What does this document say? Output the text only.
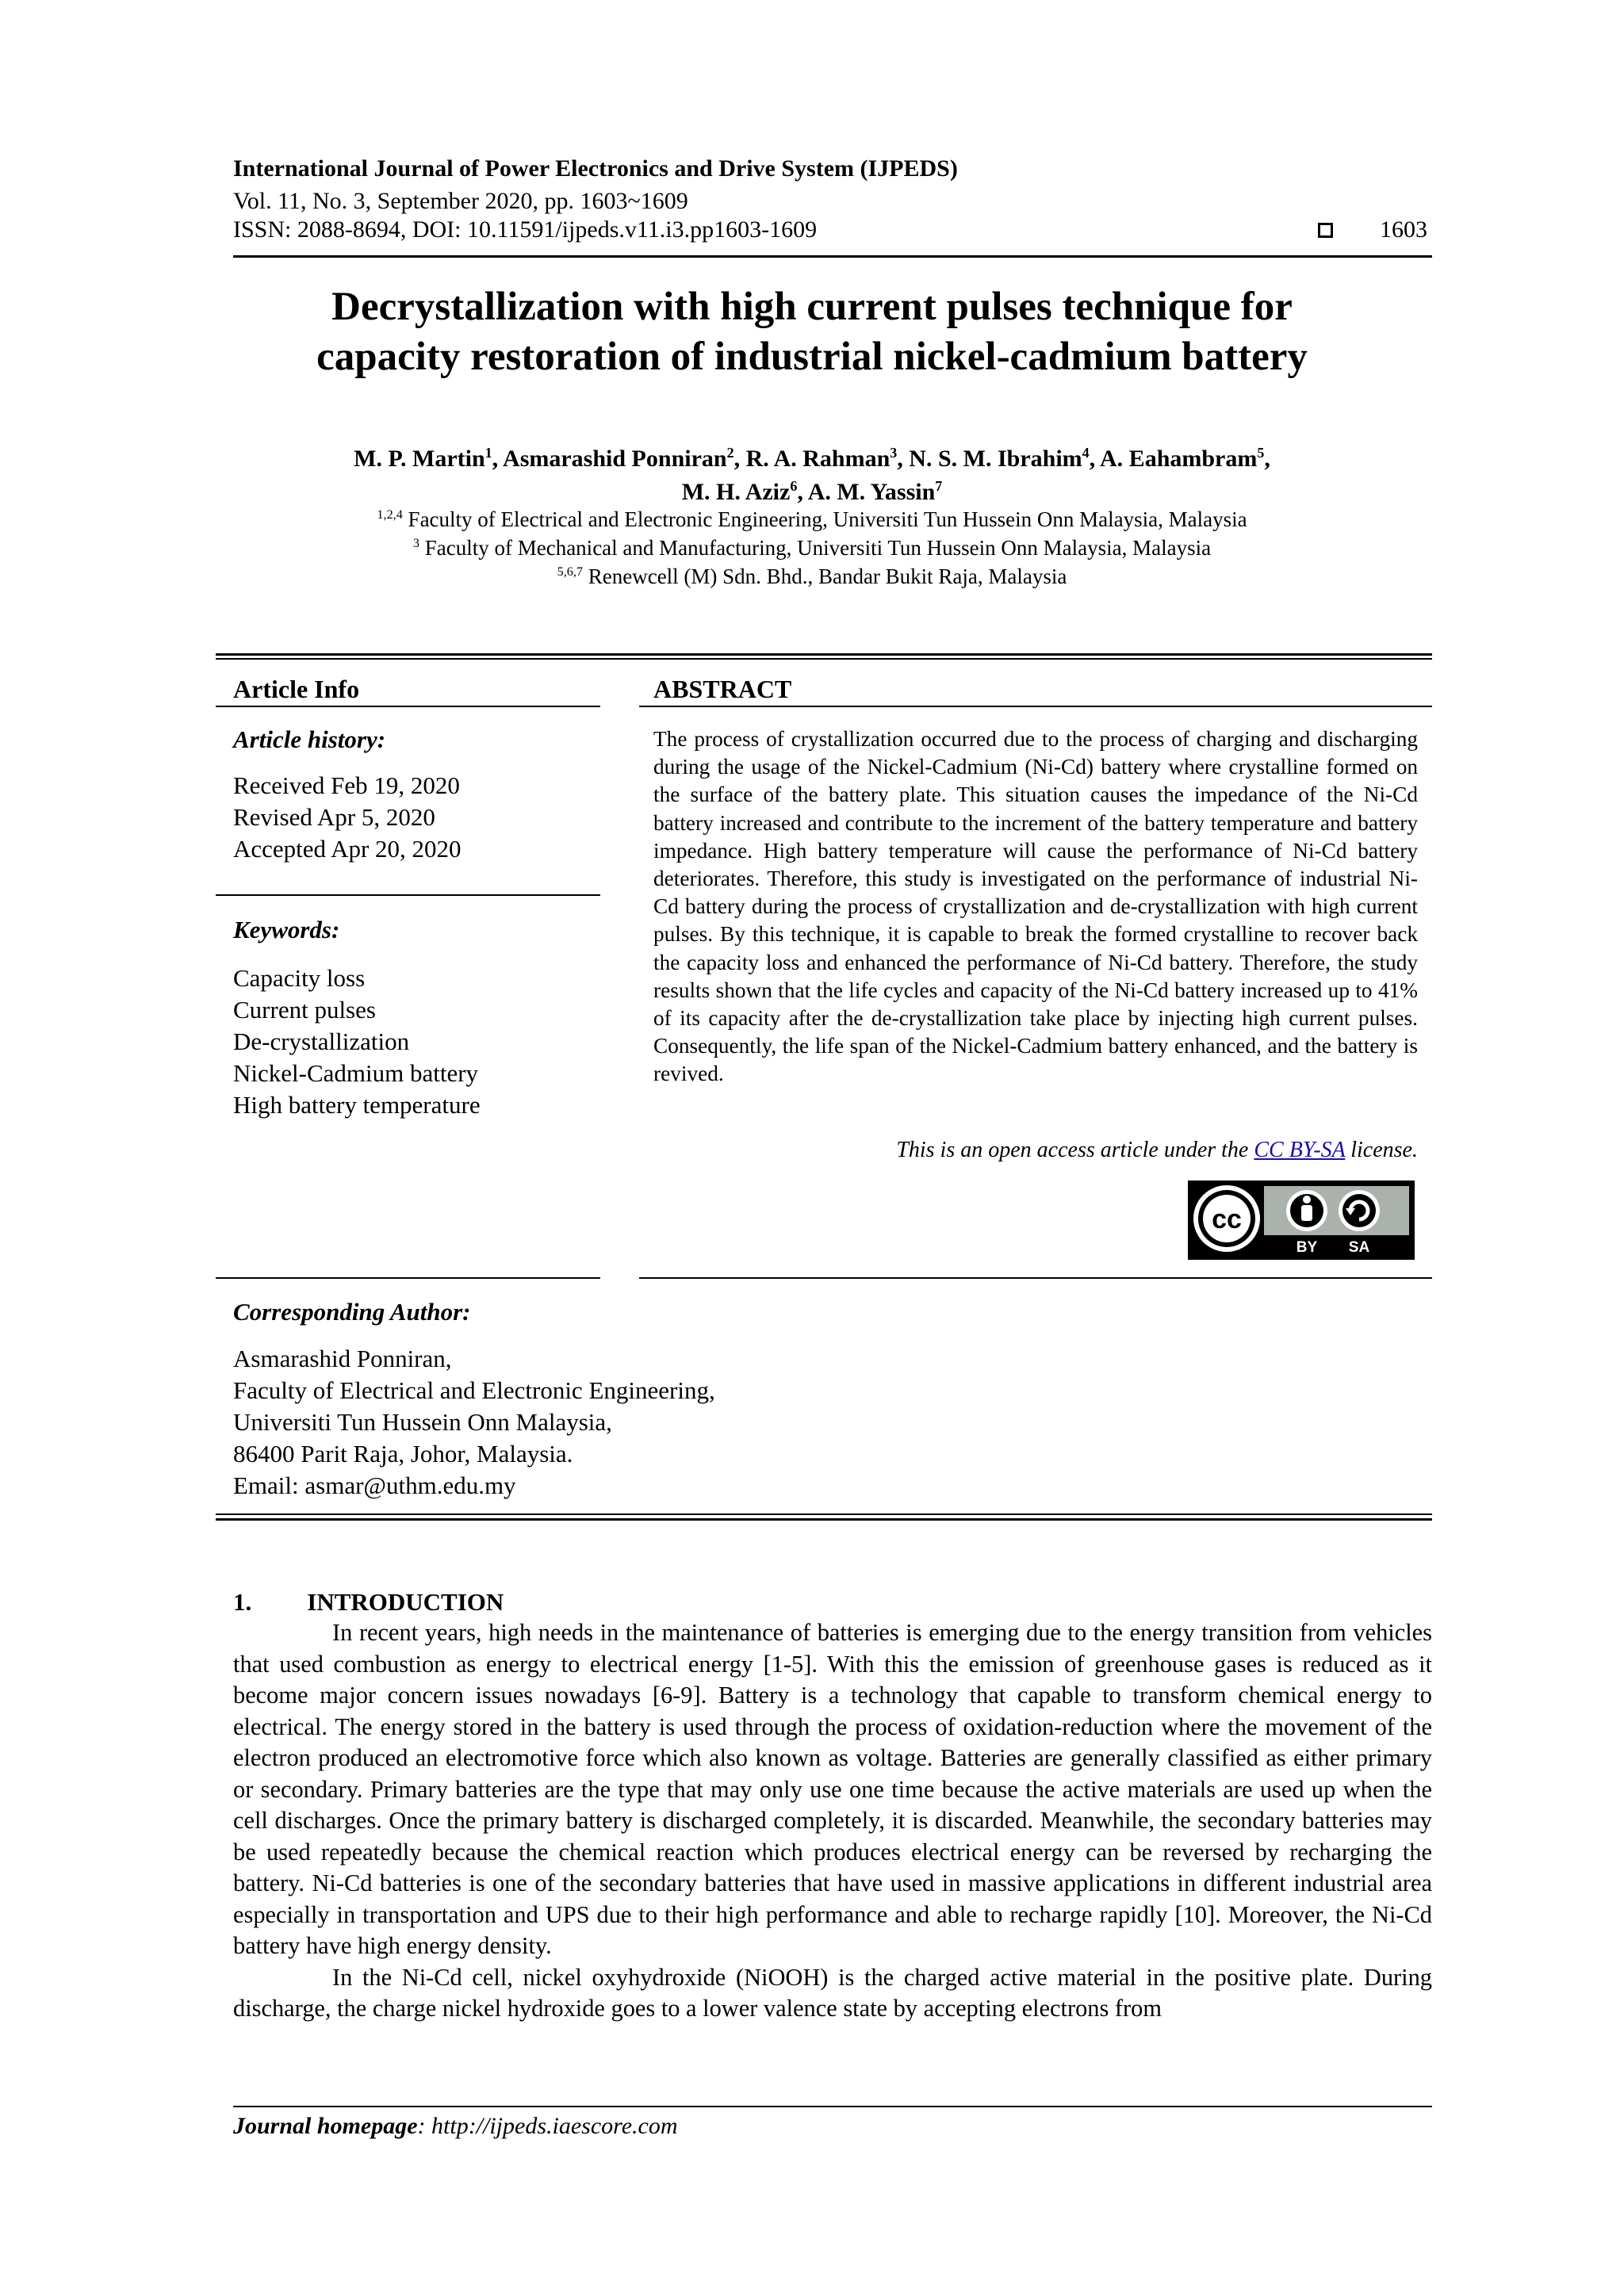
International Journal of Power Electronics and Drive System (IJPEDS)
Vol. 11, No. 3, September 2020, pp. 1603~1609
ISSN: 2088-8694, DOI: 10.11591/ijpeds.v11.i3.pp1603-1609	1603
Decrystallization with high current pulses technique for
capacity restoration of industrial nickel-cadmium battery
M. P. Martin$^1$, Asmarashid Ponniran$^2$, R. A. Rahman$^3$, N. S. M. Ibrahim$^4$, A. Eahambram$^5$,
M. H. Aziz$^6$, A. M. Yassin$^7$
$^{1,2,4}$ Faculty of Electrical and Electronic Engineering, Universiti Tun Hussein Onn Malaysia, Malaysia
$^3$ Faculty of Mechanical and Manufacturing, Universiti Tun Hussein Onn Malaysia, Malaysia
$^{5,6,7}$ Renewcell (M) Sdn. Bhd., Bandar Bukit Raja, Malaysia
Article Info
Article history:
Received Feb 19, 2020
Revised Apr 5, 2020
Accepted Apr 20, 2020
Keywords:
Capacity loss
Current pulses
De-crystallization
Nickel-Cadmium battery
High battery temperature
ABSTRACT
The process of crystallization occurred due to the process of charging and discharging during the usage of the Nickel-Cadmium (Ni-Cd) battery where crystalline formed on the surface of the battery plate. This situation causes the impedance of the Ni-Cd battery increased and contribute to the increment of the battery temperature and battery impedance. High battery temperature will cause the performance of Ni-Cd battery deteriorates. Therefore, this study is investigated on the performance of industrial Ni-Cd battery during the process of crystallization and de-crystallization with high current pulses. By this technique, it is capable to break the formed crystalline to recover back the capacity loss and enhanced the performance of Ni-Cd battery. Therefore, the study results shown that the life cycles and capacity of the Ni-Cd battery increased up to 41% of its capacity after the de-crystallization take place by injecting high current pulses. Consequently, the life span of the Nickel-Cadmium battery enhanced, and the battery is revived.
This is an open access article under the CC BY-SA license.
cc
BY SA
Corresponding Author:
Asmarashid Ponniran,
Faculty of Electrical and Electronic Engineering,
Universiti Tun Hussein Onn Malaysia,
86400 Parit Raja, Johor, Malaysia.
Email: asmar@uthm.edu.my
1. INTRODUCTION

In recent years, high needs in the maintenance of batteries is emerging due to the energy transition from vehicles that used combustion as energy to electrical energy [1-5]. With this the emission of greenhouse gases is reduced as it become major concern issues nowadays [6-9]. Battery is a technology that capable to transform chemical energy to electrical. The energy stored in the battery is used through the process of oxidation-reduction where the movement of the electron produced an electromotive force which also known as voltage. Batteries are generally classified as either primary or secondary. Primary batteries are the type that may only use one time because the active materials are used up when the cell discharges. Once the primary battery is discharged completely, it is discarded. Meanwhile, the secondary batteries may be used repeatedly because the chemical reaction which produces electrical energy can be reversed by recharging the battery. Ni-Cd batteries is one of the secondary batteries that have used in massive applications in different industrial area especially in transportation and UPS due to their high performance and able to recharge rapidly [10]. Moreover, the Ni-Cd battery have high energy density.

In the Ni-Cd cell, nickel oxyhydroxide (NiOOH) is the charged active material in the positive plate. During discharge, the charge nickel hydroxide goes to a lower valence state by accepting electrons from

Journal homepage: http://ijpeds.iaescore.com
